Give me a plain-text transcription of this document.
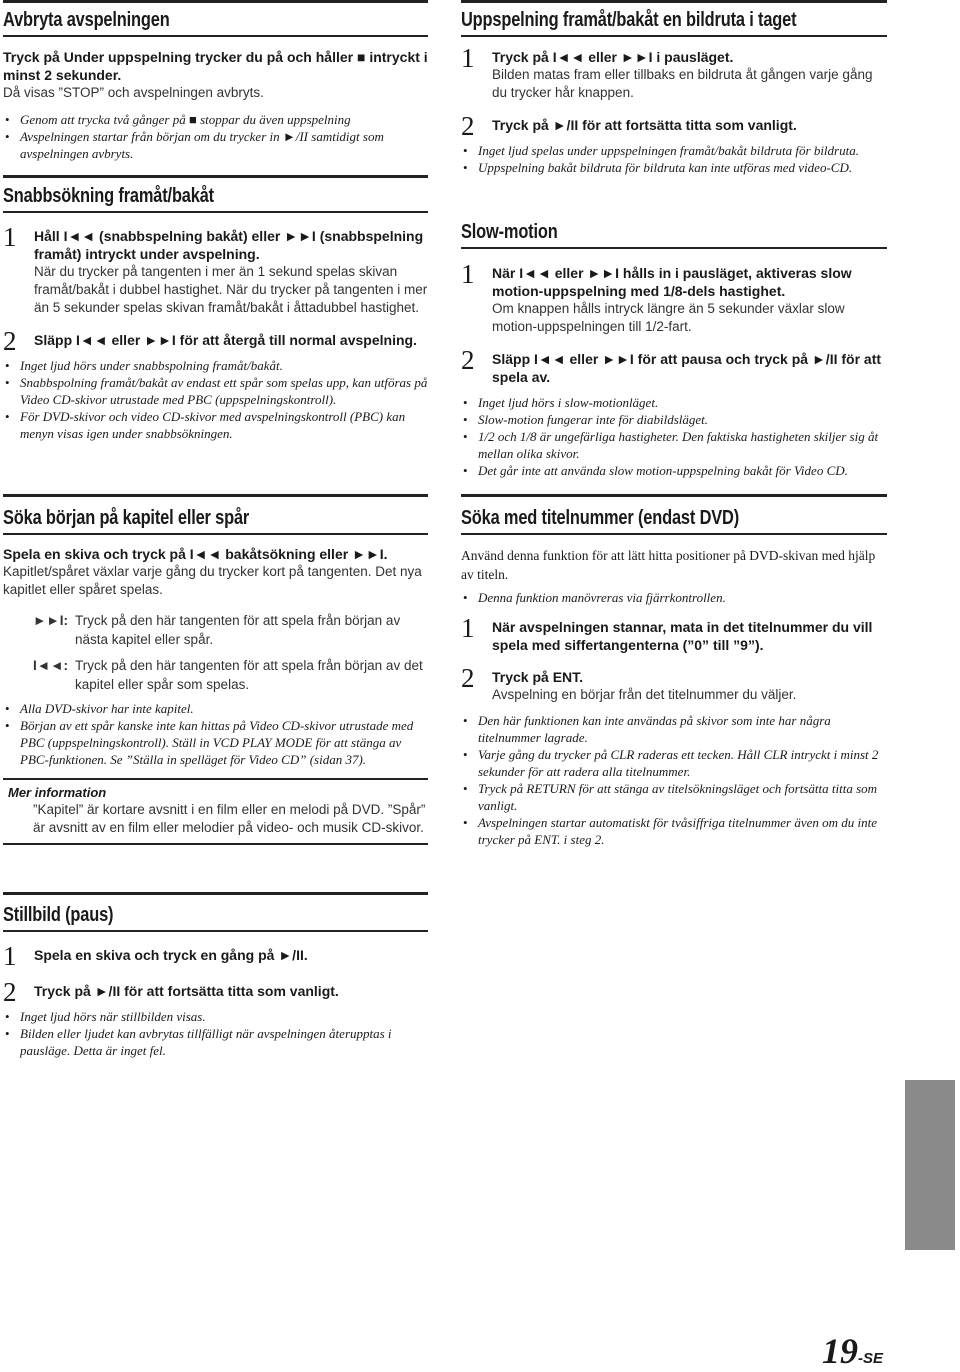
Avbryta avspelningen
Tryck på Under uppspelning trycker du på och håller ■ intryckt i minst 2 sekunder.
Då visas ”STOP” och avspelningen avbryts.
• Genom att trycka två gånger på ■ stoppar du även uppspelning
• Avspelningen startar från början om du trycker in ►/II samtidigt som avspelningen avbryts.
Snabbsökning framåt/bakåt
1 Håll I◄◄ (snabbspelning bakåt) eller ►►I (snabbspelning framåt) intryckt under avspelning.
När du trycker på tangenten i mer än 1 sekund spelas skivan framåt/bakåt i dubbel hastighet. När du trycker på tangenten i mer än 5 sekunder spelas skivan framåt/bakåt i åttadubbel hastighet.
2 Släpp I◄◄ eller ►►I för att återgå till normal avspelning.
• Inget ljud hörs under snabbspolning framåt/bakåt.
• Snabbspolning framåt/bakåt av endast ett spår som spelas upp, kan utföras på Video CD-skivor utrustade med PBC (uppspelningskontroll).
• För DVD-skivor och video CD-skivor med avspelningskontroll (PBC) kan menyn visas igen under snabbsökningen.
Söka början på kapitel eller spår
Spela en skiva och tryck på I◄◄ bakåtsökning eller ►►I.
Kapitlet/spåret växlar varje gång du trycker kort på tangenten. Det nya kapitlet eller spåret spelas.
►►I: Tryck på den här tangenten för att spela från början av nästa kapitel eller spår.
I◄◄: Tryck på den här tangenten för att spela från början av det kapitel eller spår som spelas.
• Alla DVD-skivor har inte kapitel.
• Början av ett spår kanske inte kan hittas på Video CD-skivor utrustade med PBC (uppspelningskontroll). Ställ in VCD PLAY MODE för att stänga av PBC-funktionen. Se ”Ställa in spelläget för Video CD” (sidan 37).
Mer information
”Kapitel” är kortare avsnitt i en film eller en melodi på DVD. ”Spår” är avsnitt av en film eller melodier på video- och musik CD-skivor.
Stillbild (paus)
1 Spela en skiva och tryck en gång på ►/II.
2 Tryck på ►/II för att fortsätta titta som vanligt.
• Inget ljud hörs när stillbilden visas.
• Bilden eller ljudet kan avbrytas tillfälligt när avspelningen återupptas i pausläge. Detta är inget fel.
Uppspelning framåt/bakåt en bildruta i taget
1 Tryck på I◄◄ eller ►►I i pausläget.
Bilden matas fram eller tillbaks en bildruta åt gången varje gång du trycker hår knappen.
2 Tryck på ►/II för att fortsätta titta som vanligt.
• Inget ljud spelas under uppspelningen framåt/bakåt bildruta för bildruta.
• Uppspelning bakåt bildruta för bildruta kan inte utföras med video-CD.
Slow-motion
1 När I◄◄ eller ►►I hålls in i pausläget, aktiveras slow motion-uppspelning med 1/8-dels hastighet.
Om knappen hålls intryck längre än 5 sekunder växlar slow motion-uppspelningen till 1/2-fart.
2 Släpp I◄◄ eller ►►I för att pausa och tryck på ►/II för att spela av.
• Inget ljud hörs i slow-motionläget.
• Slow-motion fungerar inte för diabildsläget.
• 1/2 och 1/8 är ungefärliga hastigheter. Den faktiska hastigheten skiljer sig åt mellan olika skivor.
• Det går inte att använda slow motion-uppspelning bakåt för Video CD.
Söka med titelnummer (endast DVD)
Använd denna funktion för att lätt hitta positioner på DVD-skivan med hjälp av titeln.
• Denna funktion manövreras via fjärrkontrollen.
1 När avspelningen stannar, mata in det titelnummer du vill spela med siffertangenterna (”0” till ”9”).
2 Tryck på ENT.
Avspelning en börjar från det titelnummer du väljer.
• Den här funktionen kan inte användas på skivor som inte har några titelnummer lagrade.
• Varje gång du trycker på CLR raderas ett tecken. Håll CLR intryckt i minst 2 sekunder för att radera alla titelnummer.
• Tryck på RETURN för att stänga av titelsökningsläget och fortsätta titta som vanligt.
• Avspelningen startar automatiskt för tvåsiffriga titelnummer även om du inte trycker på ENT. i steg 2.
19-SE
